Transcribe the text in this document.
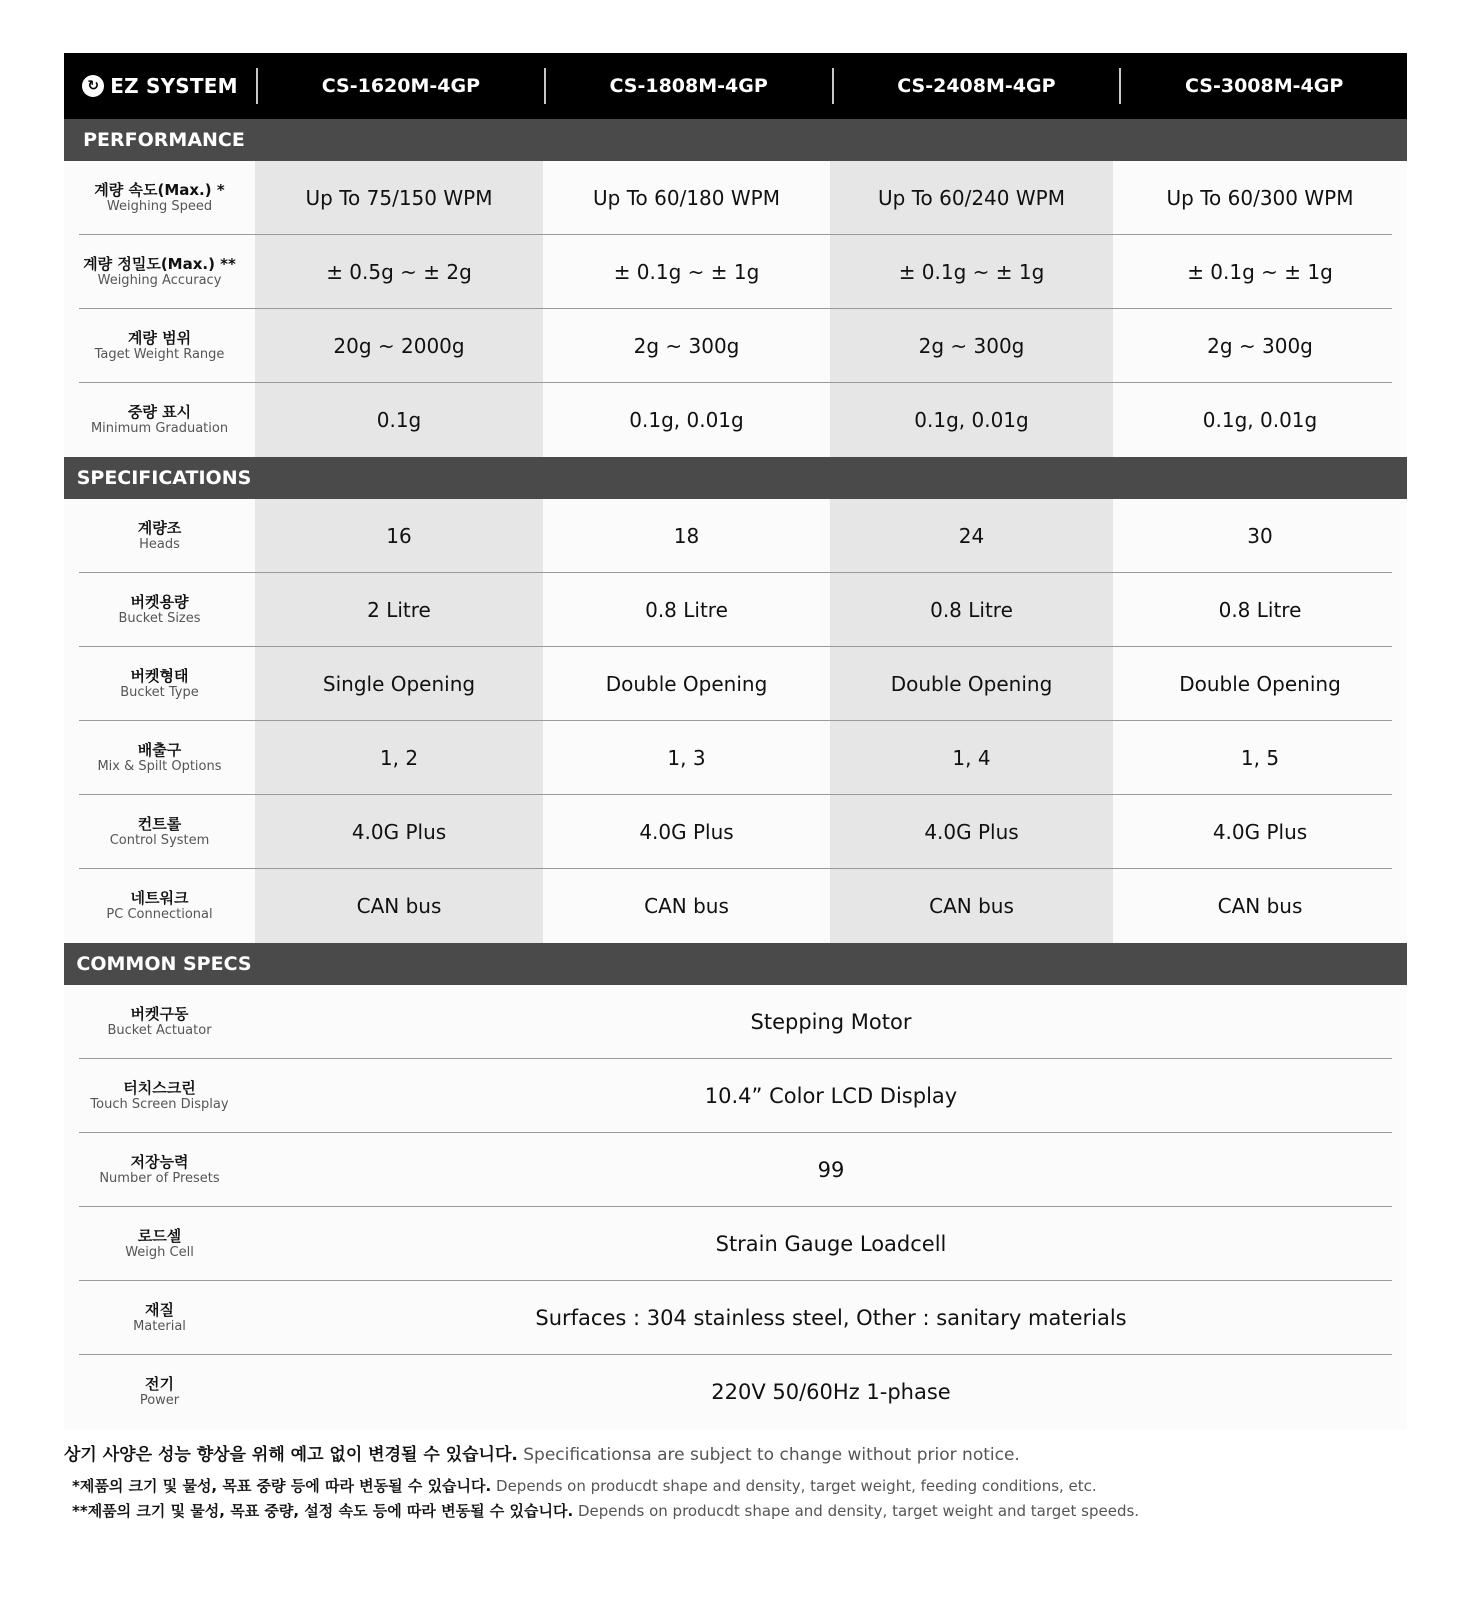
↻ EZ SYSTEM	CS-1620M-4GP	CS-1808M-4GP	CS-2408M-4GP	CS-3008M-4GP
PERFORMANCE
계량 속도(Max.) *
Weighing Speed	Up To 75/150 WPM	Up To 60/180 WPM	Up To 60/240 WPM	Up To 60/300 WPM
계량 정밀도(Max.) **
Weighing Accuracy	± 0.5g ~ ± 2g	± 0.1g ~ ± 1g	± 0.1g ~ ± 1g	± 0.1g ~ ± 1g
계량 범위
Taget Weight Range	20g ~ 2000g	2g ~ 300g	2g ~ 300g	2g ~ 300g
중량 표시
Minimum Graduation	0.1g	0.1g, 0.01g	0.1g, 0.01g	0.1g, 0.01g
SPECIFICATIONS
계량조
Heads	16	18	24	30
버켓용량
Bucket Sizes	2 Litre	0.8 Litre	0.8 Litre	0.8 Litre
버켓형태
Bucket Type	Single Opening	Double Opening	Double Opening	Double Opening
배출구
Mix & Spilt Options	1, 2	1, 3	1, 4	1, 5
컨트롤
Control System	4.0G Plus	4.0G Plus	4.0G Plus	4.0G Plus
네트워크
PC Connectional	CAN bus	CAN bus	CAN bus	CAN bus
COMMON SPECS
버켓구동
Bucket Actuator	Stepping Motor
터치스크린
Touch Screen Display	10.4” Color LCD Display
저장능력
Number of Presets	99
로드셀
Weigh Cell	Strain Gauge Loadcell
재질
Material	Surfaces : 304 stainless steel, Other : sanitary materials
전기
Power	220V 50/60Hz 1-phase
상기 사양은 성능 향상을 위해 예고 없이 변경될 수 있습니다. Specificationsa are subject to change without prior notice.
*제품의 크기 및 물성, 목표 중량 등에 따라 변동될 수 있습니다. Depends on producdt shape and density, target weight, feeding conditions, etc.
**제품의 크기 및 물성, 목표 중량, 설정 속도 등에 따라 변동될 수 있습니다. Depends on producdt shape and density, target weight and target speeds.
